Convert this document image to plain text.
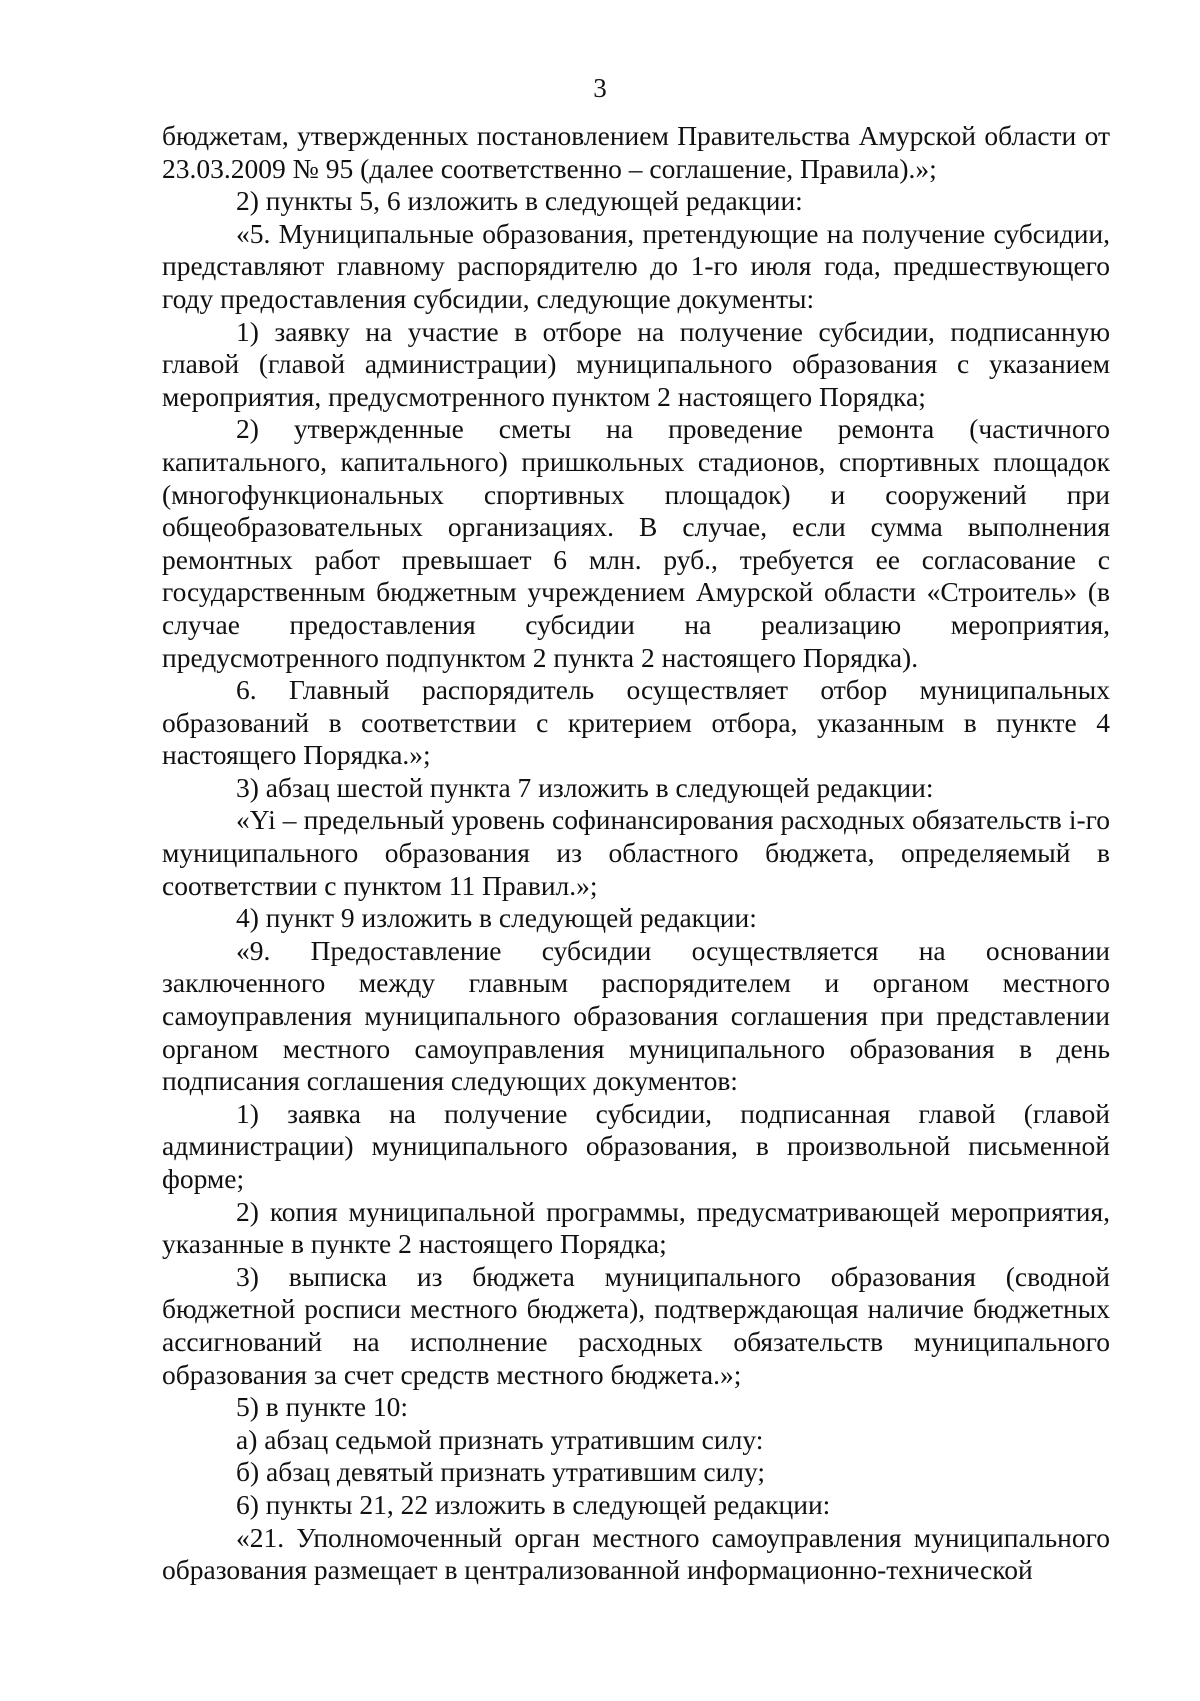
3

бюджетам, утвержденных постановлением Правительства Амурской области от 23.03.2009 № 95 (далее соответственно – соглашение, Правила).»;

2) пункты 5, 6 изложить в следующей редакции:

«5. Муниципальные образования, претендующие на получение субсидии, представляют главному распорядителю до 1-го июля года, предшествующего году предоставления субсидии, следующие документы:

1) заявку на участие в отборе на получение субсидии, подписанную главой (главой администрации) муниципального образования с указанием мероприятия, предусмотренного пунктом 2 настоящего Порядка;

2) утвержденные сметы на проведение ремонта (частичного капитального, капитального) пришкольных стадионов, спортивных площадок (многофункциональных спортивных площадок) и сооружений при общеобразовательных организациях. В случае, если сумма выполнения ремонтных работ превышает 6 млн. руб., требуется ее согласование с государственным бюджетным учреждением Амурской области «Строитель» (в случае предоставления субсидии на реализацию мероприятия, предусмотренного подпунктом 2 пункта 2 настоящего Порядка).

6. Главный распорядитель осуществляет отбор муниципальных образований в соответствии с критерием отбора, указанным в пункте 4 настоящего Порядка.»;

3) абзац шестой пункта 7 изложить в следующей редакции:

«Yi – предельный уровень софинансирования расходных обязательств i-го муниципального образования из областного бюджета, определяемый в соответствии с пунктом 11 Правил.»;

4) пункт 9 изложить в следующей редакции:

«9. Предоставление субсидии осуществляется на основании заключенного между главным распорядителем и органом местного самоуправления муниципального образования соглашения при представлении органом местного самоуправления муниципального образования в день подписания соглашения следующих документов:

1) заявка на получение субсидии, подписанная главой (главой администрации) муниципального образования, в произвольной письменной форме;

2) копия муниципальной программы, предусматривающей мероприятия, указанные в пункте 2 настоящего Порядка;

3) выписка из бюджета муниципального образования (сводной бюджетной росписи местного бюджета), подтверждающая наличие бюджетных ассигнований на исполнение расходных обязательств муниципального образования за счет средств местного бюджета.»;

5) в пункте 10:

а) абзац седьмой признать утратившим силу:

б) абзац девятый признать утратившим силу;

6) пункты 21, 22 изложить в следующей редакции:

«21. Уполномоченный орган местного самоуправления муниципального образования размещает в централизованной информационно-технической
